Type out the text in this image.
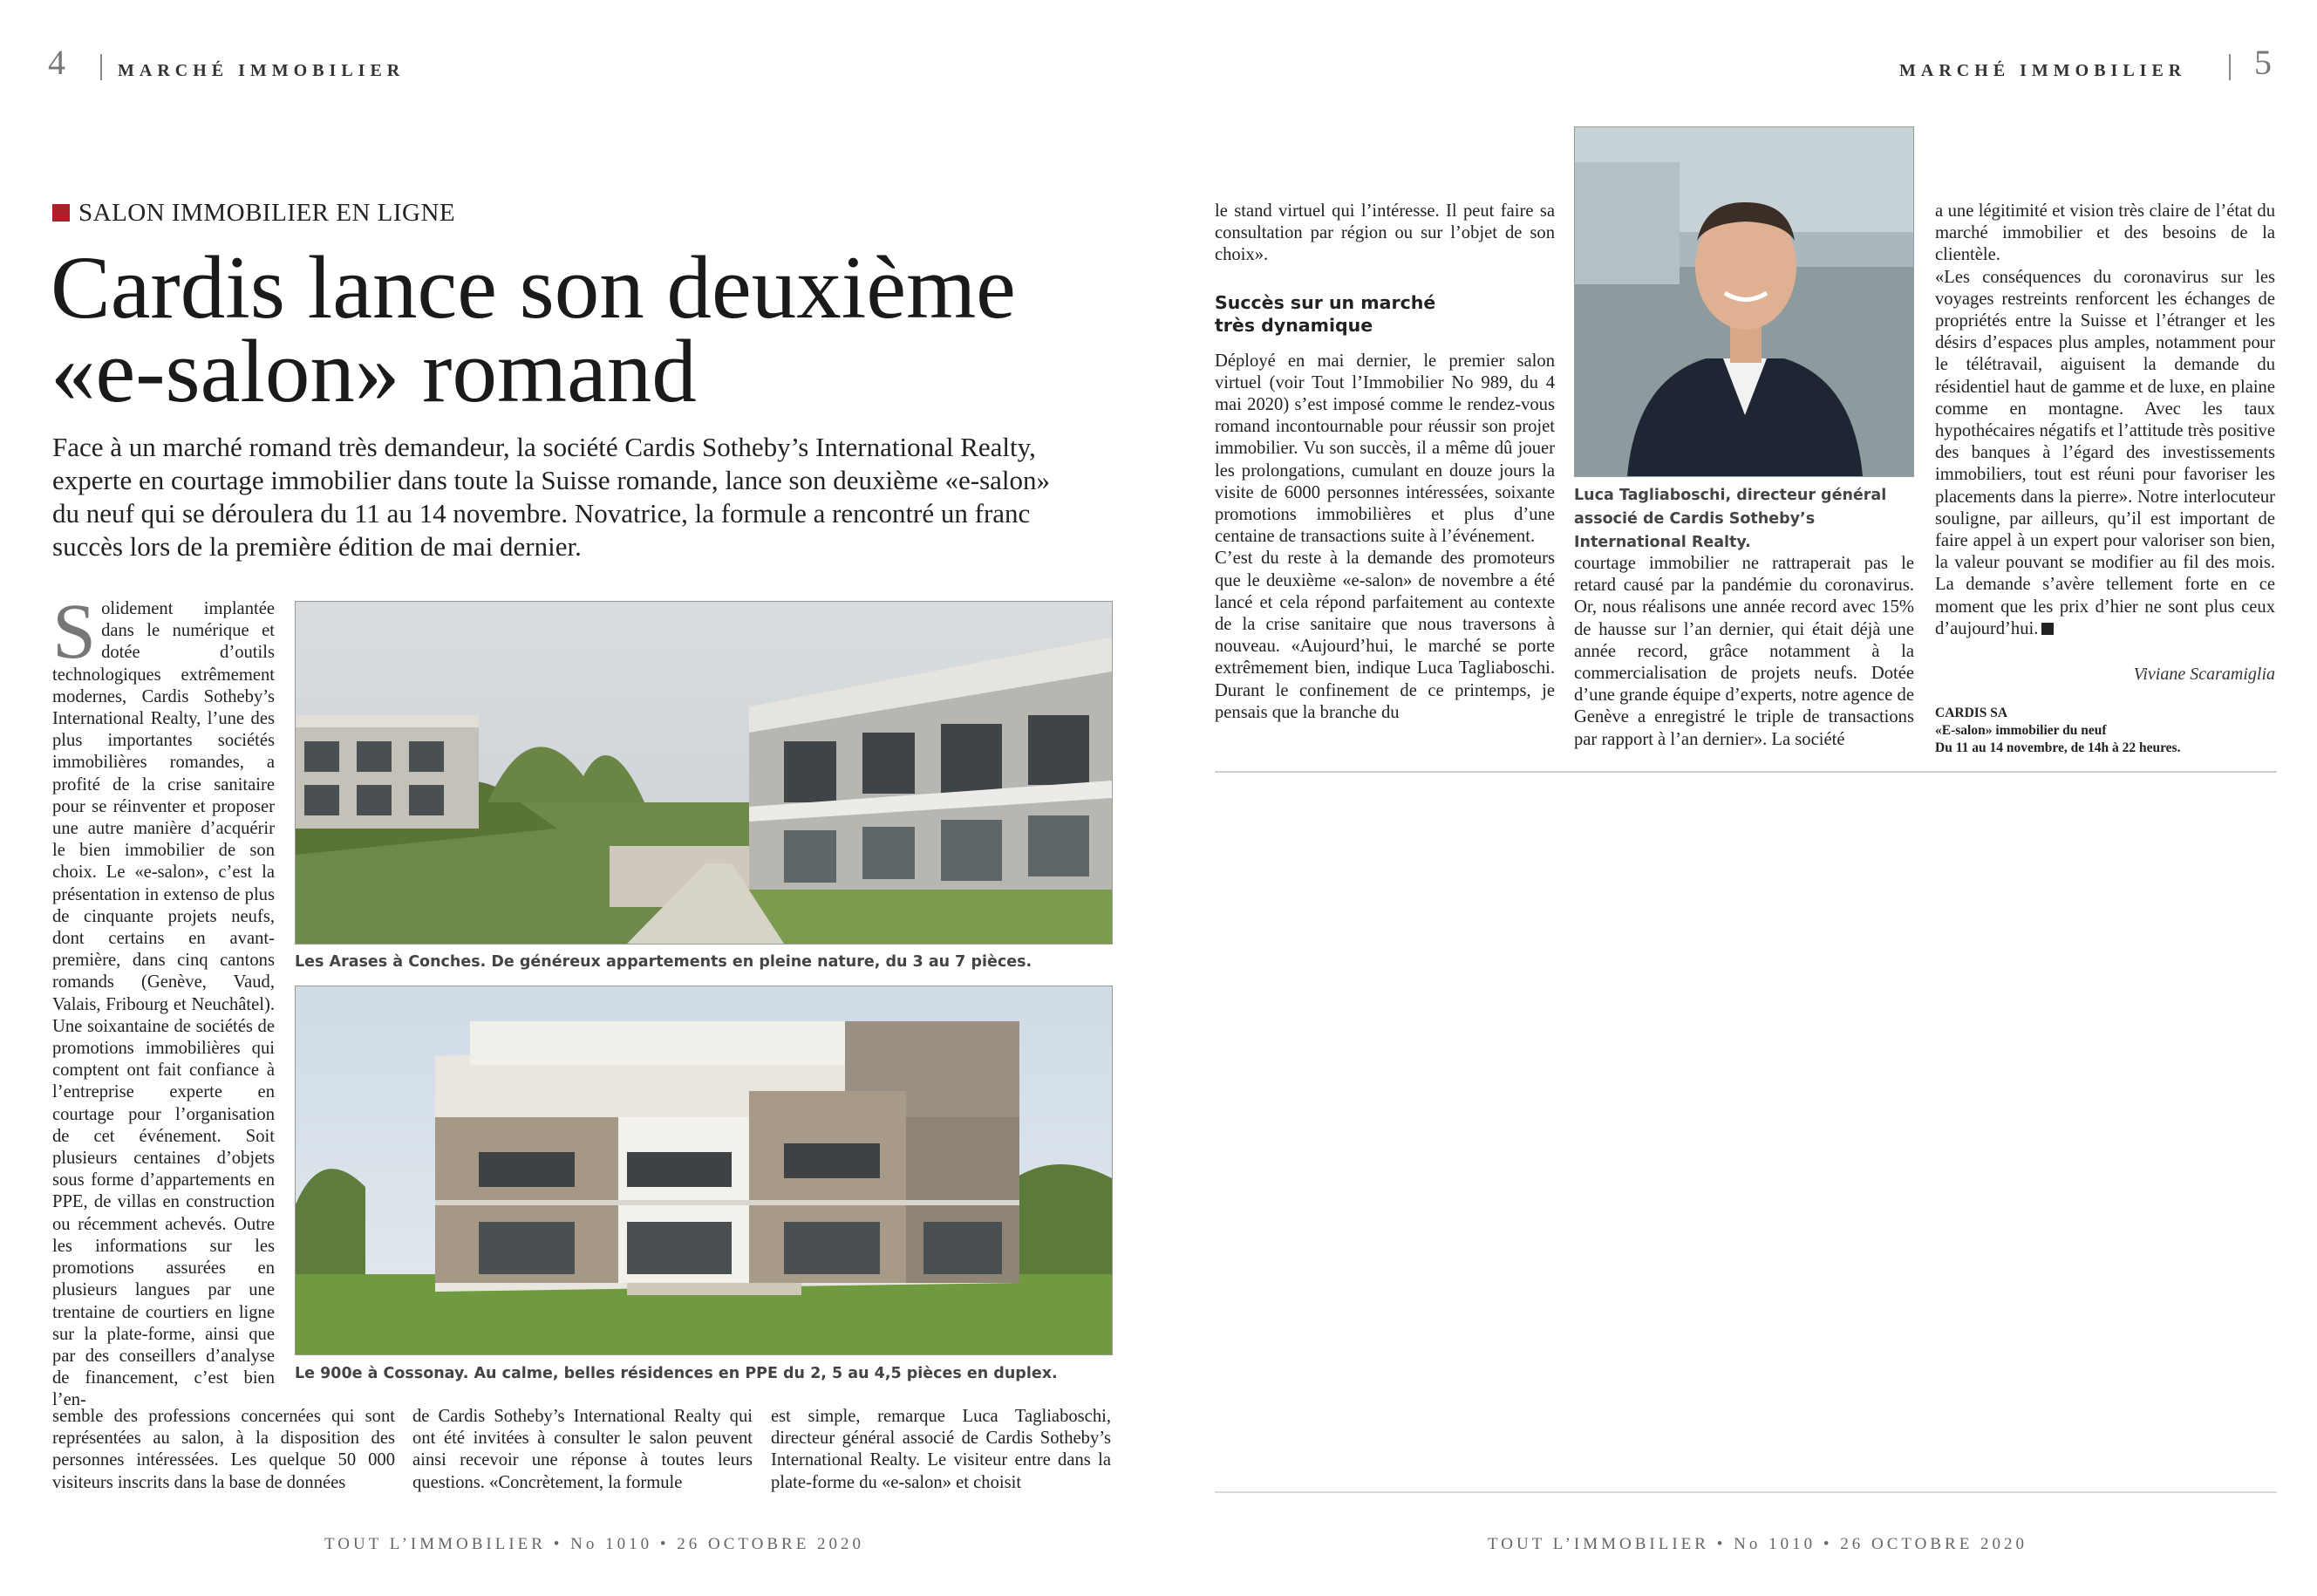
4	MARCHÉ IMMOBILIER	MARCHÉ IMMOBILIER 5
SALON IMMOBILIER EN LIGNE
Cardis lance son deuxième
«e-salon» romand
Face à un marché romand très demandeur, la société Cardis Sotheby’s International Realty, experte en courtage immobilier dans toute la Suisse romande, lance son deuxième «e-salon» du neuf qui se déroulera du 11 au 14 novembre. Novatrice, la formule a rencontré un franc succès lors de la première édition de mai dernier.
Solidement implantée dans le numérique et dotée d’outils technologiques extrêmement modernes, Cardis Sotheby’s International Realty, l’une des plus importantes sociétés immobilières romandes, a profité de la crise sanitaire pour se réinventer et proposer une autre manière d’acquérir le bien immobilier de son choix. Le «e-salon», c’est la présentation in extenso de plus de cinquante projets neufs, dont certains en avant-première, dans cinq cantons romands (Genève, Vaud, Valais, Fribourg et Neuchâtel). Une soixantaine de sociétés de promotions immobilières qui comptent ont fait confiance à l’entreprise experte en courtage pour l’organisation de cet événement. Soit plusieurs centaines d’objets sous forme d’appartements en PPE, de villas en construction ou récemment achevés. Outre les informations sur les promotions assurées en plusieurs langues par une trentaine de courtiers en ligne sur la plate-forme, ainsi que par des conseillers d’analyse de financement, c’est bien l’en-
Les Arases à Conches. De généreux appartements en pleine nature, du 3 au 7 pièces.
Le 900e à Cossonay. Au calme, belles résidences en PPE du 2, 5 au 4,5 pièces en duplex.
semble des professions concernées qui sont représentées au salon, à la disposition des personnes intéressées. Les quelque 50 000 visiteurs inscrits dans la base de données
de Cardis Sotheby’s International Realty qui ont été invitées à consulter le salon peuvent ainsi recevoir une réponse à toutes leurs questions. «Concrètement, la formule
est simple, remarque Luca Tagliaboschi, directeur général associé de Cardis Sotheby’s International Realty. Le visiteur entre dans la plate-forme du «e-salon» et choisit

le stand virtuel qui l’intéresse. Il peut faire sa consultation par région ou sur l’objet de son choix».

Succès sur un marché
très dynamique

Déployé en mai dernier, le premier salon virtuel (voir Tout l’Immobilier No 989, du 4 mai 2020) s’est imposé comme le rendez-vous romand incontournable pour réussir son projet immobilier. Vu son succès, il a même dû jouer les prolongations, cumulant en douze jours la visite de 6000 personnes intéressées, soixante promotions immobilières et plus d’une centaine de transactions suite à l’événement.

C’est du reste à la demande des promoteurs que le deuxième «e-salon» de novembre a été lancé et cela répond parfaitement au contexte de la crise sanitaire que nous traversons à nouveau. «Aujourd’hui, le marché se porte extrêmement bien, indique Luca Tagliaboschi. Durant le confinement de ce printemps, je pensais que la branche du

Luca Tagliaboschi, directeur général associé de Cardis Sotheby’s International Realty.
courtage immobilier ne rattraperait pas le retard causé par la pandémie du coronavirus. Or, nous réalisons une année record avec 15% de hausse sur l’an dernier, qui était déjà une année record, grâce notamment à la commercialisation de projets neufs. Dotée d’une grande équipe d’experts, notre agence de Genève a enregistré le triple de transactions par rapport à l’an dernier». La société

a une légitimité et vision très claire de l’état du marché immobilier et des besoins de la clientèle.

«Les conséquences du coronavirus sur les voyages restreints renforcent les échanges de propriétés entre la Suisse et l’étranger et les désirs d’espaces plus amples, notamment pour le télétravail, aiguisent la demande du résidentiel haut de gamme et de luxe, en plaine comme en montagne. Avec les taux hypothécaires négatifs et l’attitude très positive des banques à l’égard des investissements immobiliers, tout est réuni pour favoriser les placements dans la pierre». Notre interlocuteur souligne, par ailleurs, qu’il est important de faire appel à un expert pour valoriser son bien, la valeur pouvant se modifier au fil des mois. La demande s’avère tellement forte en ce moment que les prix d’hier ne sont plus ceux d’aujourd’hui.

Viviane Scaramiglia
CARDIS SA
«E-salon» immobilier du neuf
Du 11 au 14 novembre, de 14h à 22 heures.
TOUT L’IMMOBILIER • No 1010 • 26 OCTOBRE 2020	TOUT L’IMMOBILIER • No 1010 • 26 OCTOBRE 2020
